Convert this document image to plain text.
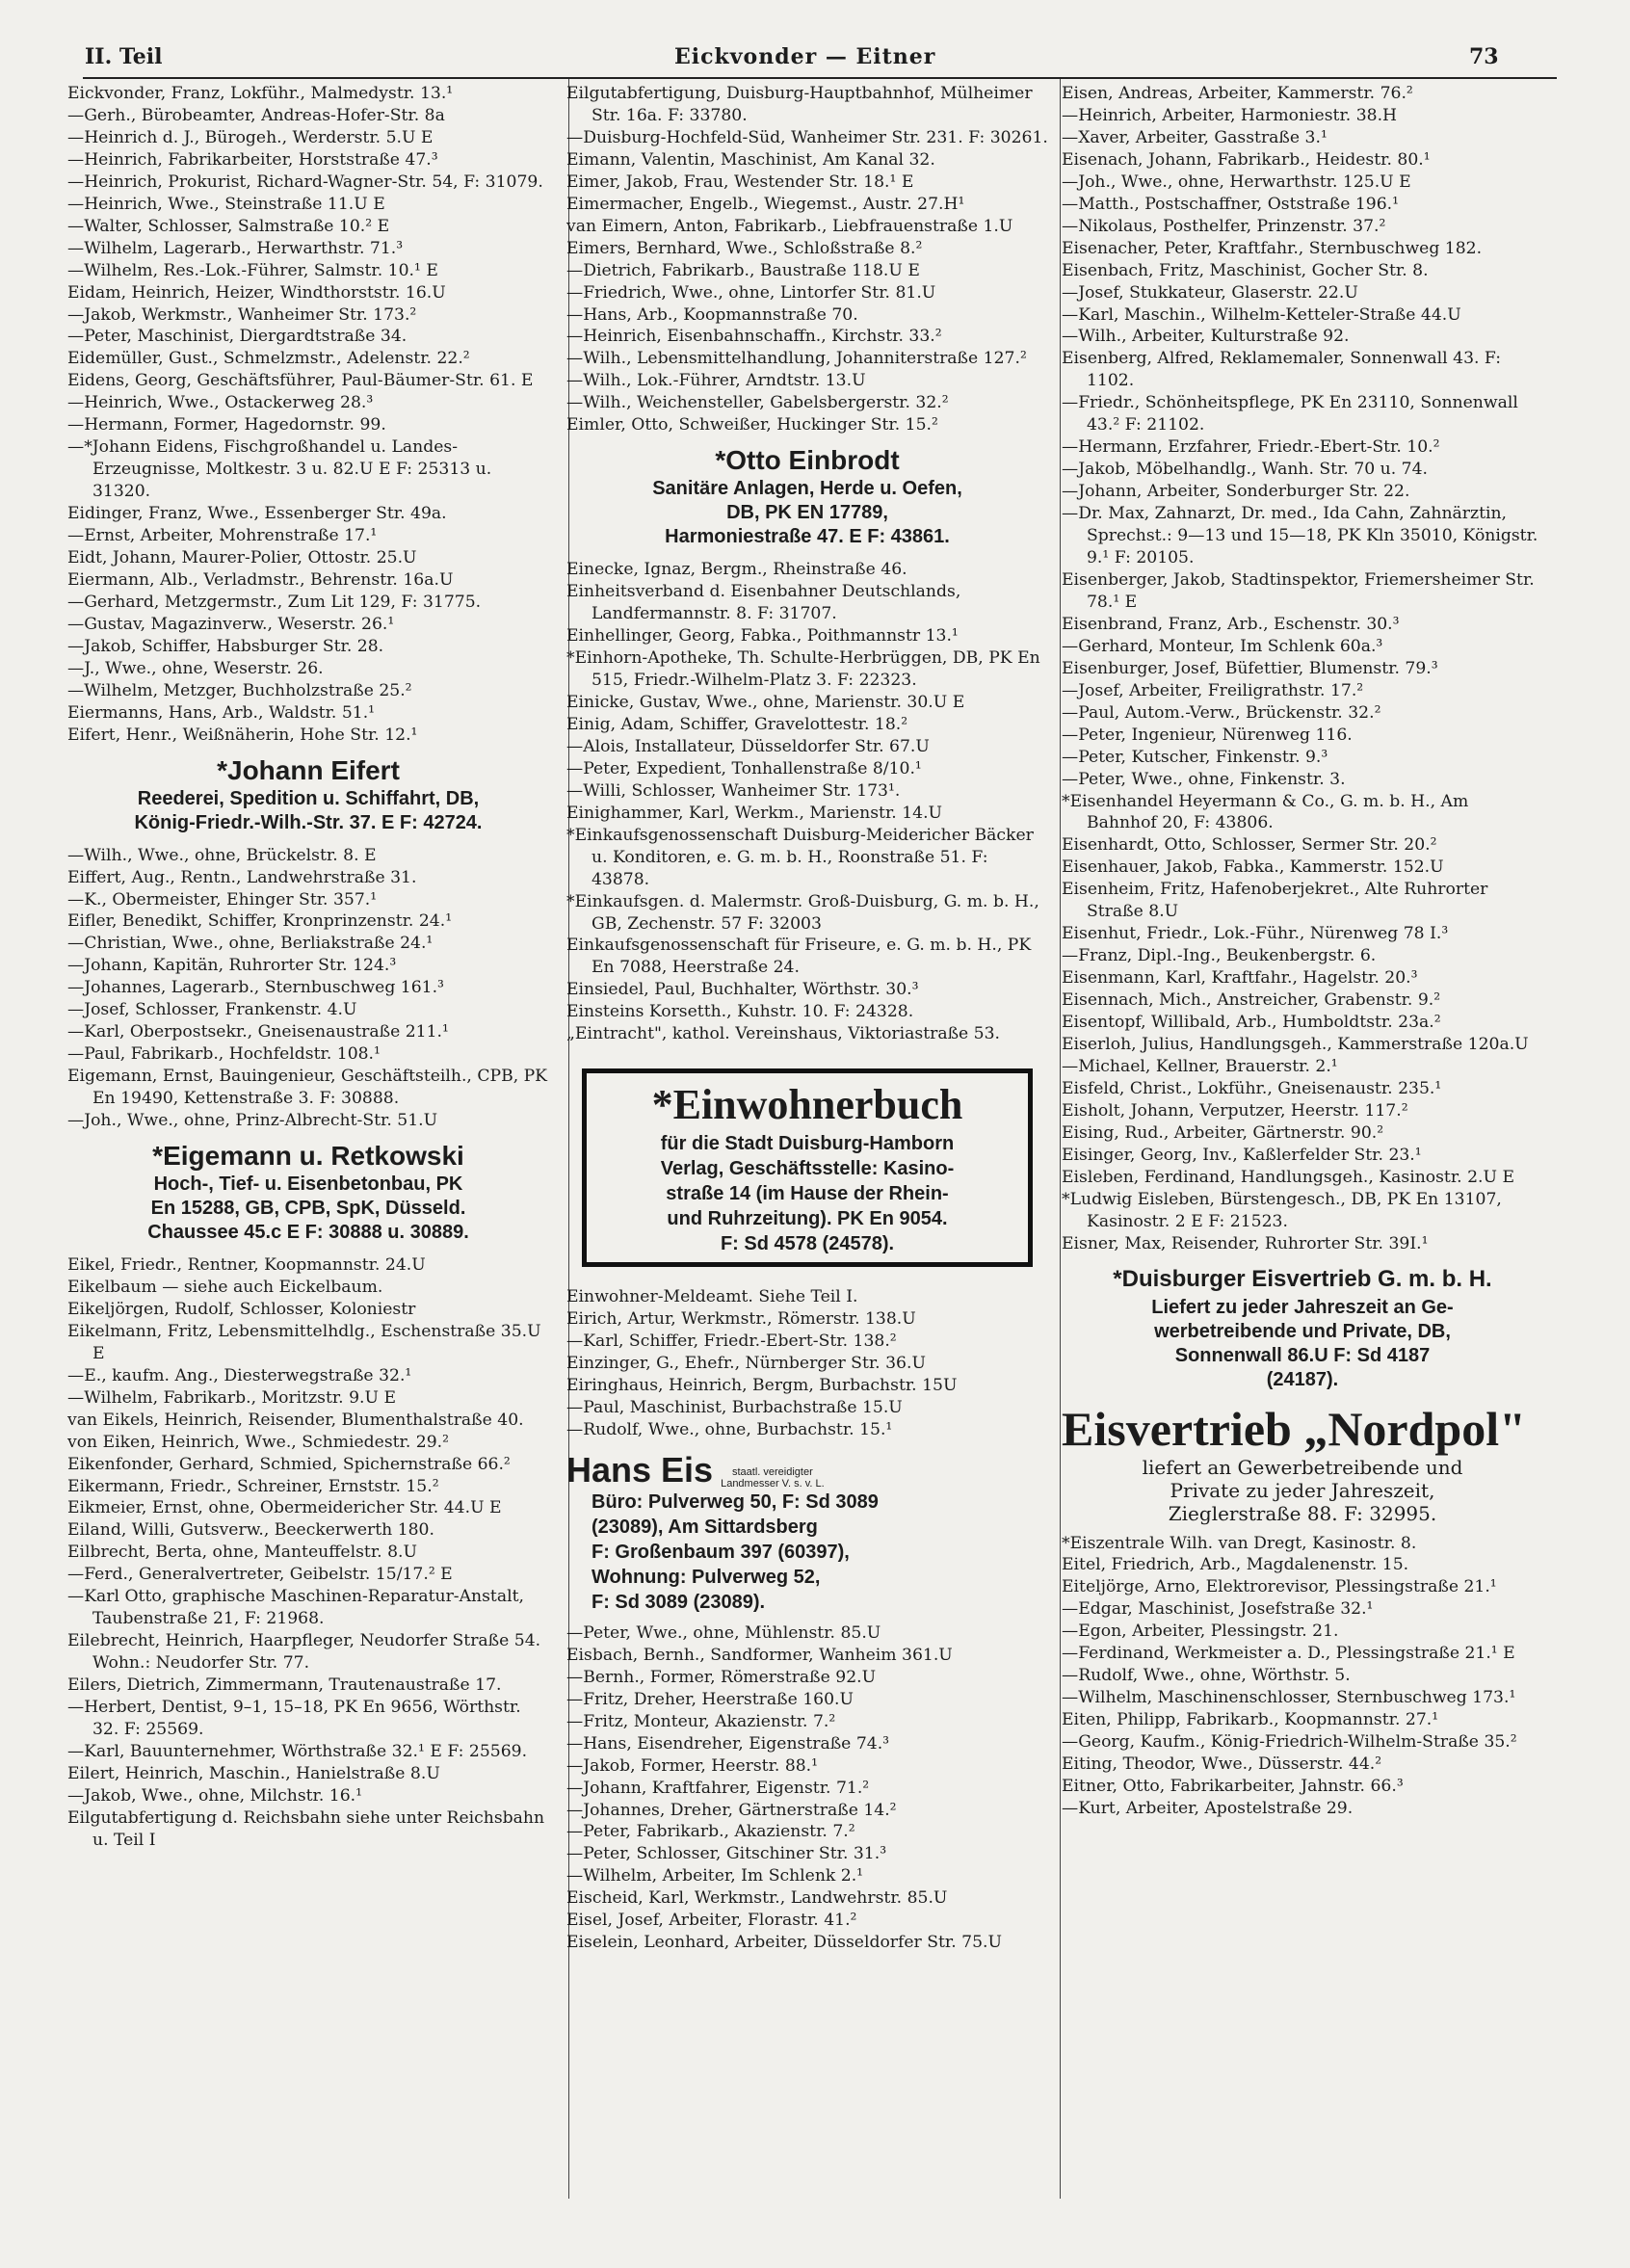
II. Teil	Eickvonder — Eitner	73
Eickvonder, Franz, Lokführ., Malmedystr. 13.¹
—Gerh., Bürobeamter, Andreas-Hofer-Str. 8a
—Heinrich d. J., Bürogeh., Werderstr. 5.U E
—Heinrich, Fabrikarbeiter, Horststraße 47.³
—Heinrich, Prokurist, Richard-Wagner-Str. 54, F: 31079.
—Heinrich, Wwe., Steinstraße 11.U E
—Walter, Schlosser, Salmstraße 10.² E
—Wilhelm, Lagerarb., Herwarthstr. 71.³
—Wilhelm, Res.-Lok.-Führer, Salmstr. 10.¹ E
Eidam, Heinrich, Heizer, Windthorststr. 16.U
—Jakob, Werkmstr., Wanheimer Str. 173.²
—Peter, Maschinist, Diergardtstraße 34.
Eidemüller, Gust., Schmelzmstr., Adelenstr. 22.²
Eidens, Georg, Geschäftsführer, Paul-Bäumer-Str. 61. E
—Heinrich, Wwe., Ostackerweg 28.³
—Hermann, Former, Hagedornstr. 99.
—*Johann Eidens, Fischgroßhandel u. Landes-Erzeugnisse, Moltkestr. 3 u. 82.U E F: 25313 u. 31320.
Eidinger, Franz, Wwe., Essenberger Str. 49a.
—Ernst, Arbeiter, Mohrenstraße 17.¹
Eidt, Johann, Maurer-Polier, Ottostr. 25.U
Eiermann, Alb., Verladmstr., Behrenstr. 16a.U
—Gerhard, Metzgermstr., Zum Lit 129, F: 31775.
—Gustav, Magazinverw., Weserstr. 26.¹
—Jakob, Schiffer, Habsburger Str. 28.
—J., Wwe., ohne, Weserstr. 26.
—Wilhelm, Metzger, Buchholzstraße 25.²
Eiermanns, Hans, Arb., Waldstr. 51.¹
Eifert, Henr., Weißnäherin, Hohe Str. 12.¹
*Johann Eifert
Reederei, Spedition u. Schiffahrt, DB,
König-Friedr.-Wilh.-Str. 37. E F: 42724.
—Wilh., Wwe., ohne, Brückelstr. 8. E
Eiffert, Aug., Rentn., Landwehrstraße 31.
—K., Obermeister, Ehinger Str. 357.¹
Eifler, Benedikt, Schiffer, Kronprinzenstr. 24.¹
—Christian, Wwe., ohne, Berliakstraße 24.¹
—Johann, Kapitän, Ruhrorter Str. 124.³
—Johannes, Lagerarb., Sternbuschweg 161.³
—Josef, Schlosser, Frankenstr. 4.U
—Karl, Oberpostsekr., Gneisenaustraße 211.¹
—Paul, Fabrikarb., Hochfeldstr. 108.¹
Eigemann, Ernst, Bauingenieur, Geschäftsteilh., CPB, PK En 19490, Kettenstraße 3. F: 30888.
—Joh., Wwe., ohne, Prinz-Albrecht-Str. 51.U
*Eigemann u. Retkowski
Hoch-, Tief- u. Eisenbetonbau, PK
En 15288, GB, CPB, SpK, Düsseld.
Chaussee 45.c E F: 30888 u. 30889.
Eikel, Friedr., Rentner, Koopmannstr. 24.U
Eikelbaum — siehe auch Eickelbaum.
Eikeljörgen, Rudolf, Schlosser, Koloniestr
Eikelmann, Fritz, Lebensmittelhdlg., Eschenstraße 35.U E
—E., kaufm. Ang., Diesterwegstraße 32.¹
—Wilhelm, Fabrikarb., Moritzstr. 9.U E
van Eikels, Heinrich, Reisender, Blumenthalstraße 40.
von Eiken, Heinrich, Wwe., Schmiedestr. 29.²
Eikenfonder, Gerhard, Schmied, Spichernstraße 66.²
Eikermann, Friedr., Schreiner, Ernststr. 15.²
Eikmeier, Ernst, ohne, Obermeidericher Str. 44.U E
Eiland, Willi, Gutsverw., Beeckerwerth 180.
Eilbrecht, Berta, ohne, Manteuffelstr. 8.U
—Ferd., Generalvertreter, Geibelstr. 15/17.² E
—Karl Otto, graphische Maschinen-Reparatur-Anstalt, Taubenstraße 21, F: 21968.
Eilebrecht, Heinrich, Haarpfleger, Neudorfer Straße 54. Wohn.: Neudorfer Str. 77.
Eilers, Dietrich, Zimmermann, Trautenaustraße 17.
—Herbert, Dentist, 9–1, 15–18, PK En 9656, Wörthstr. 32. F: 25569.
—Karl, Bauunternehmer, Wörthstraße 32.¹ E F: 25569.
Eilert, Heinrich, Maschin., Hanielstraße 8.U
—Jakob, Wwe., ohne, Milchstr. 16.¹
Eilgutabfertigung d. Reichsbahn siehe unter Reichsbahn u. Teil I
Eilgutabfertigung, Duisburg-Hauptbahnhof, Mülheimer Str. 16a. F: 33780.
—Duisburg-Hochfeld-Süd, Wanheimer Str. 231. F: 30261.
Eimann, Valentin, Maschinist, Am Kanal 32.
Eimer, Jakob, Frau, Westender Str. 18.¹ E
Eimermacher, Engelb., Wiegemst., Austr. 27.H¹
van Eimern, Anton, Fabrikarb., Liebfrauenstraße 1.U
Eimers, Bernhard, Wwe., Schloßstraße 8.²
—Dietrich, Fabrikarb., Baustraße 118.U E
—Friedrich, Wwe., ohne, Lintorfer Str. 81.U
—Hans, Arb., Koopmannstraße 70.
—Heinrich, Eisenbahnschaffn., Kirchstr. 33.²
—Wilh., Lebensmittelhandlung, Johanniterstraße 127.²
—Wilh., Lok.-Führer, Arndtstr. 13.U
—Wilh., Weichensteller, Gabelsbergerstr. 32.²
Eimler, Otto, Schweißer, Huckinger Str. 15.²
*Otto Einbrodt
Sanitäre Anlagen, Herde u. Oefen,
DB, PK EN 17789,
Harmoniestraße 47. E F: 43861.
Einecke, Ignaz, Bergm., Rheinstraße 46.
Einheitsverband d. Eisenbahner Deutschlands, Landfermannstr. 8. F: 31707.
Einhellinger, Georg, Fabka., Poithmannstr 13.¹
*Einhorn-Apotheke, Th. Schulte-Herbrüggen, DB, PK En 515, Friedr.-Wilhelm-Platz 3. F: 22323.
Einicke, Gustav, Wwe., ohne, Marienstr. 30.U E
Einig, Adam, Schiffer, Gravelottestr. 18.²
—Alois, Installateur, Düsseldorfer Str. 67.U
—Peter, Expedient, Tonhallenstraße 8/10.¹
—Willi, Schlosser, Wanheimer Str. 173¹.
Einighammer, Karl, Werkm., Marienstr. 14.U
*Einkaufsgenossenschaft Duisburg-Meidericher Bäcker u. Konditoren, e. G. m. b. H., Roonstraße 51. F: 43878.
*Einkaufsgen. d. Malermstr. Groß-Duisburg, G. m. b. H., GB, Zechenstr. 57 F: 32003
Einkaufsgenossenschaft für Friseure, e. G. m. b. H., PK En 7088, Heerstraße 24.
Einsiedel, Paul, Buchhalter, Wörthstr. 30.³
Einsteins Korsetth., Kuhstr. 10. F: 24328.
„Eintracht", kathol. Vereinshaus, Viktoriastraße 53.
*Einwohnerbuch
für die Stadt Duisburg-Hamborn
Verlag, Geschäftsstelle: Kasino-
straße 14 (im Hause der Rhein-
und Ruhrzeitung). PK En 9054.
F: Sd 4578 (24578).
Einwohner-Meldeamt. Siehe Teil I.
Eirich, Artur, Werkmstr., Römerstr. 138.U
—Karl, Schiffer, Friedr.-Ebert-Str. 138.²
Einzinger, G., Ehefr., Nürnberger Str. 36.U
Eiringhaus, Heinrich, Bergm, Burbachstr. 15U
—Paul, Maschinist, Burbachstraße 15.U
—Rudolf, Wwe., ohne, Burbachstr. 15.¹
Hans Eis	staatl. vereidigter
Landmesser V. s. v. L.
Büro: Pulverweg 50, F: Sd 3089
(23089), Am Sittardsberg
F: Großenbaum 397 (60397),
Wohnung: Pulverweg 52,
F: Sd 3089 (23089).
—Peter, Wwe., ohne, Mühlenstr. 85.U
Eisbach, Bernh., Sandformer, Wanheim 361.U
—Bernh., Former, Römerstraße 92.U
—Fritz, Dreher, Heerstraße 160.U
—Fritz, Monteur, Akazienstr. 7.²
—Hans, Eisendreher, Eigenstraße 74.³
—Jakob, Former, Heerstr. 88.¹
—Johann, Kraftfahrer, Eigenstr. 71.²
—Johannes, Dreher, Gärtnerstraße 14.²
—Peter, Fabrikarb., Akazienstr. 7.²
—Peter, Schlosser, Gitschiner Str. 31.³
—Wilhelm, Arbeiter, Im Schlenk 2.¹
Eischeid, Karl, Werkmstr., Landwehrstr. 85.U
Eisel, Josef, Arbeiter, Florastr. 41.²
Eiselein, Leonhard, Arbeiter, Düsseldorfer Str. 75.U
Eisen, Andreas, Arbeiter, Kammerstr. 76.²
—Heinrich, Arbeiter, Harmoniestr. 38.H
—Xaver, Arbeiter, Gasstraße 3.¹
Eisenach, Johann, Fabrikarb., Heidestr. 80.¹
—Joh., Wwe., ohne, Herwarthstr. 125.U E
—Matth., Postschaffner, Oststraße 196.¹
—Nikolaus, Posthelfer, Prinzenstr. 37.²
Eisenacher, Peter, Kraftfahr., Sternbuschweg 182.
Eisenbach, Fritz, Maschinist, Gocher Str. 8.
—Josef, Stukkateur, Glaserstr. 22.U
—Karl, Maschin., Wilhelm-Ketteler-Straße 44.U
—Wilh., Arbeiter, Kulturstraße 92.
Eisenberg, Alfred, Reklamemaler, Sonnenwall 43. F: 1102.
—Friedr., Schönheitspflege, PK En 23110, Sonnenwall 43.² F: 21102.
—Hermann, Erzfahrer, Friedr.-Ebert-Str. 10.²
—Jakob, Möbelhandlg., Wanh. Str. 70 u. 74.
—Johann, Arbeiter, Sonderburger Str. 22.
—Dr. Max, Zahnarzt, Dr. med., Ida Cahn, Zahnärztin, Sprechst.: 9—13 und 15—18, PK Kln 35010, Königstr. 9.¹ F: 20105.
Eisenberger, Jakob, Stadtinspektor, Friemersheimer Str. 78.¹ E
Eisenbrand, Franz, Arb., Eschenstr. 30.³
—Gerhard, Monteur, Im Schlenk 60a.³
Eisenburger, Josef, Büfettier, Blumenstr. 79.³
—Josef, Arbeiter, Freiligrathstr. 17.²
—Paul, Autom.-Verw., Brückenstr. 32.²
—Peter, Ingenieur, Nürenweg 116.
—Peter, Kutscher, Finkenstr. 9.³
—Peter, Wwe., ohne, Finkenstr. 3.
*Eisenhandel Heyermann & Co., G. m. b. H., Am Bahnhof 20, F: 43806.
Eisenhardt, Otto, Schlosser, Sermer Str. 20.²
Eisenhauer, Jakob, Fabka., Kammerstr. 152.U
Eisenheim, Fritz, Hafenoberjekret., Alte Ruhrorter Straße 8.U
Eisenhut, Friedr., Lok.-Führ., Nürenweg 78 I.³
—Franz, Dipl.-Ing., Beukenbergstr. 6.
Eisenmann, Karl, Kraftfahr., Hagelstr. 20.³
Eisennach, Mich., Anstreicher, Grabenstr. 9.²
Eisentopf, Willibald, Arb., Humboldtstr. 23a.²
Eiserloh, Julius, Handlungsgeh., Kammerstraße 120a.U
—Michael, Kellner, Brauerstr. 2.¹
Eisfeld, Christ., Lokführ., Gneisenaustr. 235.¹
Eisholt, Johann, Verputzer, Heerstr. 117.²
Eising, Rud., Arbeiter, Gärtnerstr. 90.²
Eisinger, Georg, Inv., Kaßlerfelder Str. 23.¹
Eisleben, Ferdinand, Handlungsgeh., Kasinostr. 2.U E
*Ludwig Eisleben, Bürstengesch., DB, PK En 13107, Kasinostr. 2 E F: 21523.
Eisner, Max, Reisender, Ruhrorter Str. 39I.¹
*Duisburger Eisvertrieb G. m. b. H.
Liefert zu jeder Jahreszeit an Ge-
werbetreibende und Private, DB,
Sonnenwall 86.U F: Sd 4187
(24187).
Eisvertrieb „Nordpol"
liefert an Gewerbetreibende und
Private zu jeder Jahreszeit,
Zieglerstraße 88. F: 32995.
*Eiszentrale Wilh. van Dregt, Kasinostr. 8.
Eitel, Friedrich, Arb., Magdalenenstr. 15.
Eiteljörge, Arno, Elektrorevisor, Plessingstraße 21.¹
—Edgar, Maschinist, Josefstraße 32.¹
—Egon, Arbeiter, Plessingstr. 21.
—Ferdinand, Werkmeister a. D., Plessingstraße 21.¹ E
—Rudolf, Wwe., ohne, Wörthstr. 5.
—Wilhelm, Maschinenschlosser, Sternbuschweg 173.¹
Eiten, Philipp, Fabrikarb., Koopmannstr. 27.¹
—Georg, Kaufm., König-Friedrich-Wilhelm-Straße 35.²
Eiting, Theodor, Wwe., Düsserstr. 44.²
Eitner, Otto, Fabrikarbeiter, Jahnstr. 66.³
—Kurt, Arbeiter, Apostelstraße 29.
